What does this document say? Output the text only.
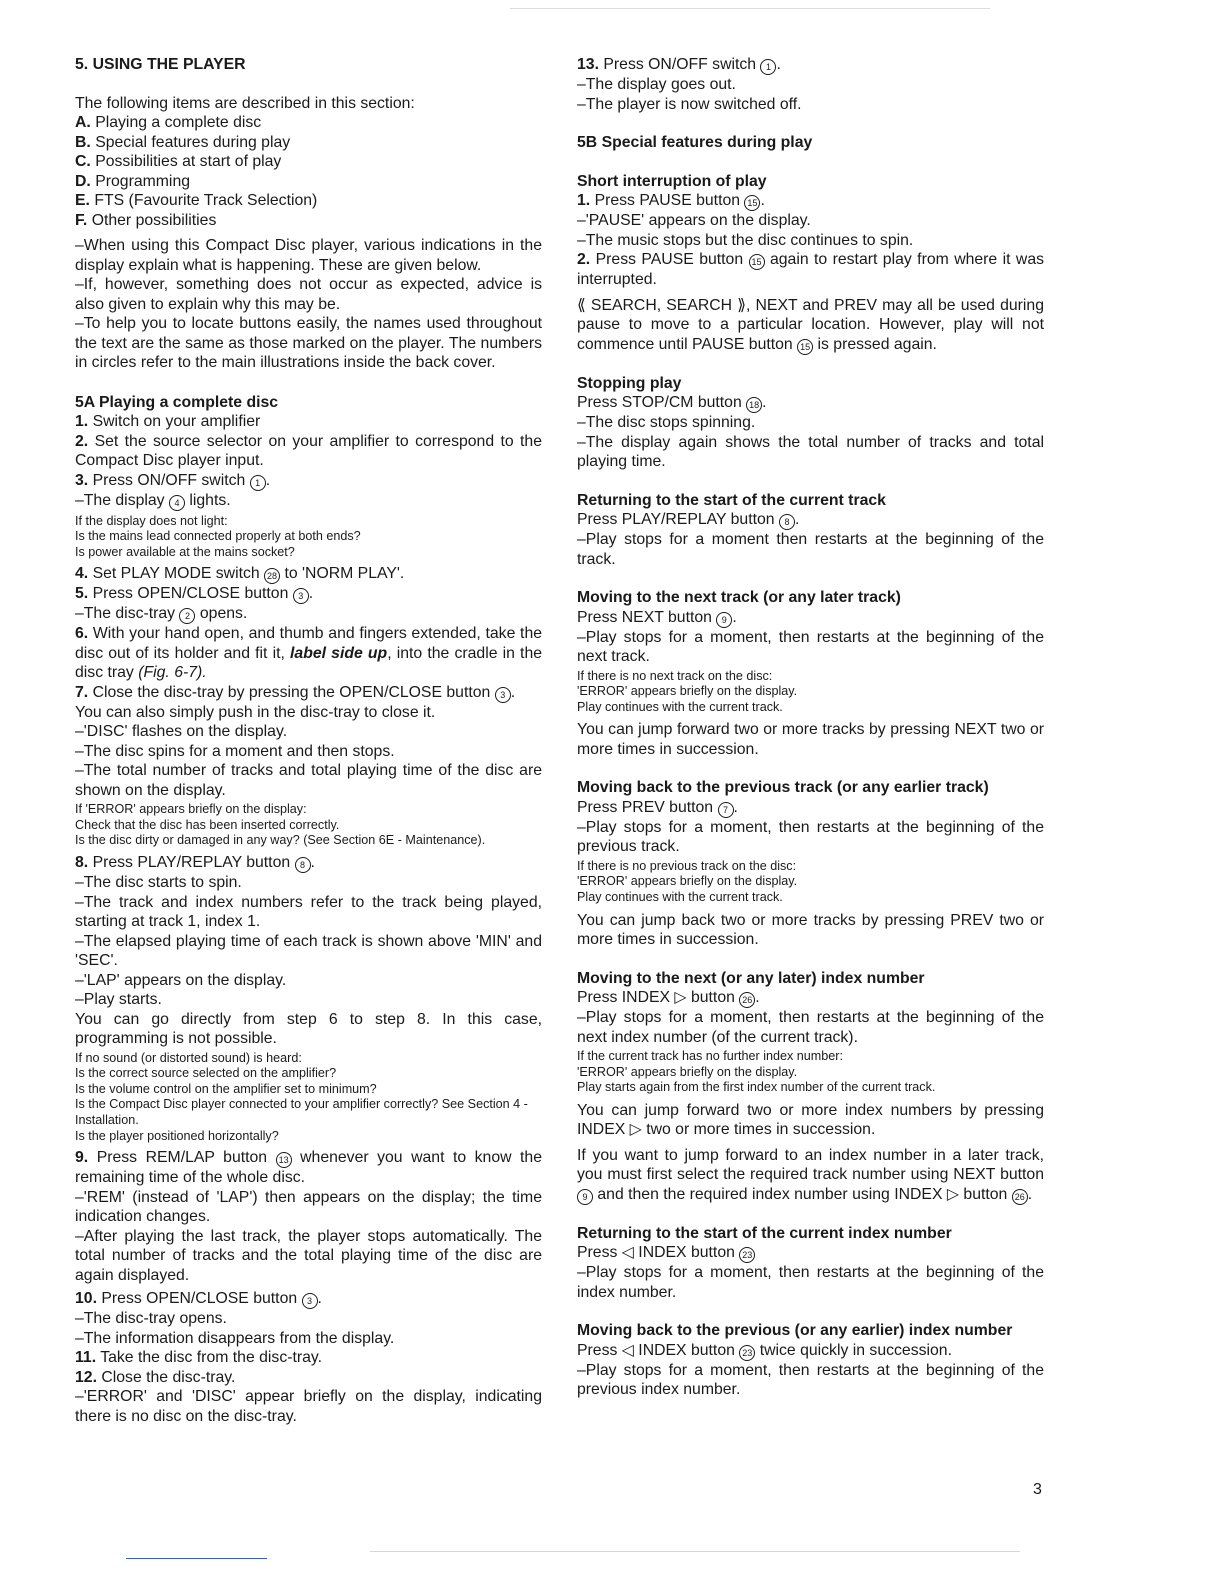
5. USING THE PLAYER

The following items are described in this section:

A. Playing a complete disc

B. Special features during play

C. Possibilities at start of play

D. Programming

E. FTS (Favourite Track Selection)

F. Other possibilities

–When using this Compact Disc player, various indications in the display explain what is happening. These are given below.

–If, however, something does not occur as expected, advice is also given to explain why this may be.

–To help you to locate buttons easily, the names used throughout the text are the same as those marked on the player. The numbers in circles refer to the main illustrations inside the back cover.

5A Playing a complete disc

1. Switch on your amplifier

2. Set the source selector on your amplifier to correspond to the Compact Disc player input.

3. Press ON/OFF switch 1 .

–The display 4 lights.

If the display does not light:

Is the mains lead connected properly at both ends?

Is power available at the mains socket?

4. Set PLAY MODE switch 28 to 'NORM PLAY'.

5. Press OPEN/CLOSE button 3 .

–The disc-tray 2 opens.

6. With your hand open, and thumb and fingers extended, take the disc out of its holder and fit it, label side up, into the cradle in the disc tray (Fig. 6-7).

7. Close the disc-tray by pressing the OPEN/CLOSE button 3 .

You can also simply push in the disc-tray to close it.

–'DISC' flashes on the display.

–The disc spins for a moment and then stops.

–The total number of tracks and total playing time of the disc are shown on the display.

If 'ERROR' appears briefly on the display:

Check that the disc has been inserted correctly.

Is the disc dirty or damaged in any way? (See Section 6E - Maintenance).

8. Press PLAY/REPLAY button 8 .

–The disc starts to spin.

–The track and index numbers refer to the track being played, starting at track 1, index 1.

–The elapsed playing time of each track is shown above 'MIN' and 'SEC'.

–'LAP' appears on the display.

–Play starts.

You can go directly from step 6 to step 8. In this case, programming is not possible.

If no sound (or distorted sound) is heard:

Is the correct source selected on the amplifier?

Is the volume control on the amplifier set to minimum?

Is the Compact Disc player connected to your amplifier correctly? See Section 4 - Installation.

Is the player positioned horizontally?

9. Press REM/LAP button 13 whenever you want to know the remaining time of the whole disc.

–'REM' (instead of 'LAP') then appears on the display; the time indication changes.

–After playing the last track, the player stops automatically. The total number of tracks and the total playing time of the disc are again displayed.

10. Press OPEN/CLOSE button 3 .

–The disc-tray opens.

–The information disappears from the display.

11. Take the disc from the disc-tray.

12. Close the disc-tray.

–'ERROR' and 'DISC' appear briefly on the display, indicating there is no disc on the disc-tray.

13. Press ON/OFF switch 1 .

–The display goes out.

–The player is now switched off.

5B Special features during play

Short interruption of play

1. Press PAUSE button 15 .

–'PAUSE' appears on the display.

–The music stops but the disc continues to spin.

2. Press PAUSE button 15 again to restart play from where it was interrupted.

⟪ SEARCH, SEARCH ⟫, NEXT and PREV may all be used during pause to move to a particular location. However, play will not commence until PAUSE button 15 is pressed again.

Stopping play

Press STOP/CM button 18 .

–The disc stops spinning.

–The display again shows the total number of tracks and total playing time.

Returning to the start of the current track

Press PLAY/REPLAY button 8 .

–Play stops for a moment then restarts at the beginning of the track.

Moving to the next track (or any later track)

Press NEXT button 9 .

–Play stops for a moment, then restarts at the beginning of the next track.

If there is no next track on the disc:

'ERROR' appears briefly on the display.

Play continues with the current track.

You can jump forward two or more tracks by pressing NEXT two or more times in succession.

Moving back to the previous track (or any earlier track)

Press PREV button 7 .

–Play stops for a moment, then restarts at the beginning of the previous track.

If there is no previous track on the disc:

'ERROR' appears briefly on the display.

Play continues with the current track.

You can jump back two or more tracks by pressing PREV two or more times in succession.

Moving to the next (or any later) index number

Press INDEX ▷ button 26 .

–Play stops for a moment, then restarts at the beginning of the next index number (of the current track).

If the current track has no further index number:

'ERROR' appears briefly on the display.

Play starts again from the first index number of the current track.

You can jump forward two or more index numbers by pressing INDEX ▷ two or more times in succession.

If you want to jump forward to an index number in a later track, you must first select the required track number using NEXT button 9 and then the required index number using INDEX ▷ button 26 .

Returning to the start of the current index number

Press ◁ INDEX button 23

–Play stops for a moment, then restarts at the beginning of the index number.

Moving back to the previous (or any earlier) index number

Press ◁ INDEX button 23 twice quickly in succession.

–Play stops for a moment, then restarts at the beginning of the previous index number.

3
